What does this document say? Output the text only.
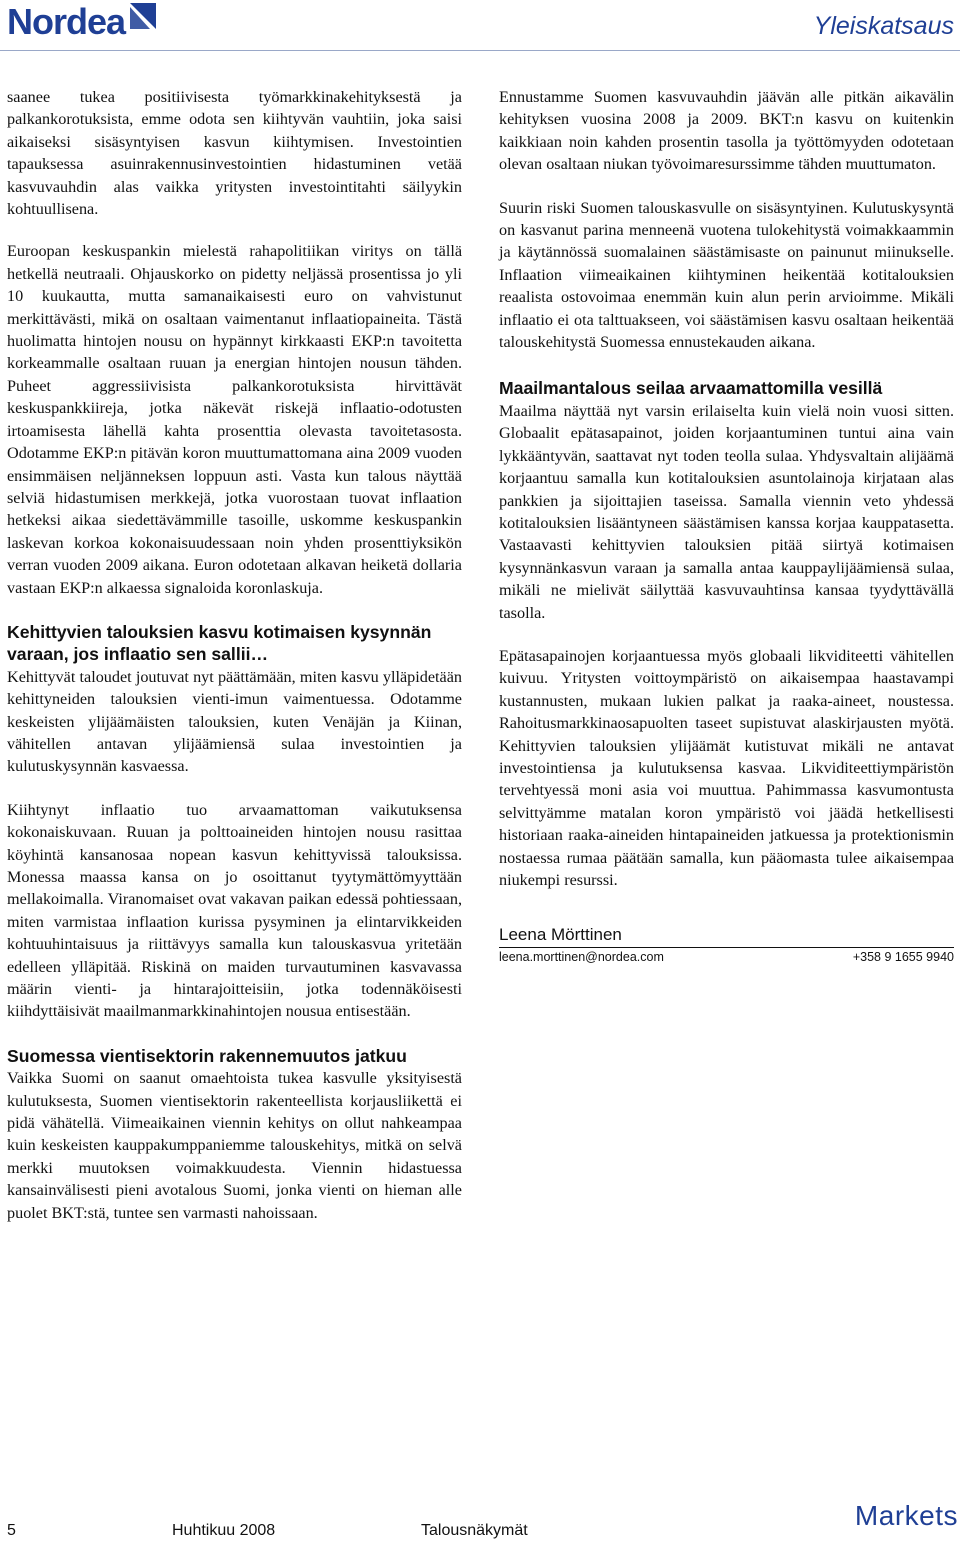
Nordea	Yleiskatsaus

saanee tukea positiivisesta työmarkkinakehityksestä ja palkankorotuksista, emme odota sen kiihtyvän vauhtiin, joka saisi aikaiseksi sisäsyntyisen kasvun kiihtymisen. Investointien tapauksessa asuinrakennusinvestointien hidastuminen vetää kasvuvauhdin alas vaikka yritysten investointitahti säilyykin kohtuullisena.

Euroopan keskuspankin mielestä rahapolitiikan viritys on tällä hetkellä neutraali. Ohjauskorko on pidetty neljässä prosentissa jo yli 10 kuukautta, mutta samanaikaisesti euro on vahvistunut merkittävästi, mikä on osaltaan vaimentanut inflaatiopaineita. Tästä huolimatta hintojen nousu on hypännyt kirkkaasti EKP:n tavoitetta korkeammalle osaltaan ruuan ja energian hintojen nousun tähden. Puheet aggressiivisista palkankorotuksista hirvittävät keskuspankkiireja, jotka näkevät riskejä inflaatio-odotusten irtoamisesta lähellä kahta prosenttia olevasta tavoitetasosta. Odotamme EKP:n pitävän koron muuttumattomana aina 2009 vuoden ensimmäisen neljänneksen loppuun asti. Vasta kun talous näyttää selviä hidastumisen merkkejä, jotka vuorostaan tuovat inflaation hetkeksi aikaa siedettävämmille tasoille, uskomme keskuspankin laskevan korkoa kokonaisuudessaan noin yhden prosenttiyksikön verran vuoden 2009 aikana. Euron odotetaan alkavan heiketä dollaria vastaan EKP:n alkaessa signaloida koronlaskuja.

Kehittyvien talouksien kasvu kotimaisen kysynnän varaan, jos inflaatio sen sallii…

Kehittyvät taloudet joutuvat nyt päättämään, miten kasvu ylläpidetään kehittyneiden talouksien vienti-imun vaimentuessa. Odotamme keskeisten ylijäämäisten talouksien, kuten Venäjän ja Kiinan, vähitellen antavan ylijäämiensä sulaa investointien ja kulutuskysynnän kasvaessa.

Kiihtynyt inflaatio tuo arvaamattoman vaikutuksensa kokonaiskuvaan. Ruuan ja polttoaineiden hintojen nousu rasittaa köyhintä kansanosaa nopean kasvun kehittyvissä talouksissa. Monessa maassa kansa on jo osoittanut tyytymättömyyttään mellakoimalla. Viranomaiset ovat vakavan paikan edessä pohtiessaan, miten varmistaa inflaation kurissa pysyminen ja elintarvikkeiden kohtuuhintaisuus ja riittävyys samalla kun talouskasvua yritetään edelleen ylläpitää. Riskinä on maiden turvautuminen kasvavassa määrin vienti- ja hintarajoitteisiin, jotka todennäköisesti kiihdyttäisivät maailmanmarkkinahintojen nousua entisestään.

Suomessa vientisektorin rakennemuutos jatkuu

Vaikka Suomi on saanut omaehtoista tukea kasvulle yksityisestä kulutuksesta, Suomen vientisektorin rakenteellista korjausliikettä ei pidä vähätellä. Viimeaikainen viennin kehitys on ollut nahkeampaa kuin keskeisten kauppakumppaniemme talouskehitys, mitkä on selvä merkki muutoksen voimakkuudesta. Viennin hidastuessa kansainvälisesti pieni avotalous Suomi, jonka vienti on hieman alle puolet BKT:stä, tuntee sen varmasti nahoissaan.

Ennustamme Suomen kasvuvauhdin jäävän alle pitkän aikavälin kehityksen vuosina 2008 ja 2009. BKT:n kasvu on kuitenkin kaikkiaan noin kahden prosentin tasolla ja työttömyyden odotetaan olevan osaltaan niukan työvoimaresurssimme tähden muuttumaton.

Suurin riski Suomen talouskasvulle on sisäsyntyinen. Kulutuskysyntä on kasvanut parina menneenä vuotena tulokehitystä voimakkaammin ja käytännössä suomalainen säästämisaste on painunut miinukselle. Inflaation viimeaikainen kiihtyminen heikentää kotitalouksien reaalista ostovoimaa enemmän kuin alun perin arvioimme. Mikäli inflaatio ei ota talttuakseen, voi säästämisen kasvu osaltaan heikentää talouskehitystä Suomessa ennustekauden aikana.

Maailmantalous seilaa arvaamattomilla vesillä

Maailma näyttää nyt varsin erilaiselta kuin vielä noin vuosi sitten. Globaalit epätasapainot, joiden korjaantuminen tuntui aina vain lykkääntyvän, saattavat nyt toden teolla sulaa. Yhdysvaltain alijäämä korjaantuu samalla kun kotitalouksien asuntolainoja kirjataan alas pankkien ja sijoittajien taseissa. Samalla viennin veto yhdessä kotitalouksien lisääntyneen säästämisen kanssa korjaa kauppatasetta. Vastaavasti kehittyvien talouksien pitää siirtyä kotimaisen kysynnänkasvun varaan ja samalla antaa kauppaylijäämiensä sulaa, mikäli ne mielivät säilyttää kasvuvauhtinsa kansaa tyydyttävällä tasolla.

Epätasapainojen korjaantuessa myös globaali likviditeetti vähitellen kuivuu. Yritysten voittoympäristö on aikaisempaa haastavampi kustannusten, mukaan lukien palkat ja raaka-aineet, noustessa. Rahoitusmarkkinaosapuolten taseet supistuvat alaskirjausten myötä. Kehittyvien talouksien ylijäämät kutistuvat mikäli ne antavat investointiensa ja kulutuksensa kasvaa. Likviditeettiympäristön tervehtyessä moni asia voi muuttua. Pahimmassa kasvumontusta selvittyämme matalan koron ympäristö voi jäädä hetkellisesti historiaan raaka-aineiden hintapaineiden jatkuessa ja protektionismin nostaessa rumaa päätään samalla, kun pääomasta tulee aikaisempaa niukempi resurssi.

Leena Mörttinen
leena.morttinen@nordea.com	+358 9 1655 9940
5	Huhtikuu 2008	Talousnäkymät	Markets
